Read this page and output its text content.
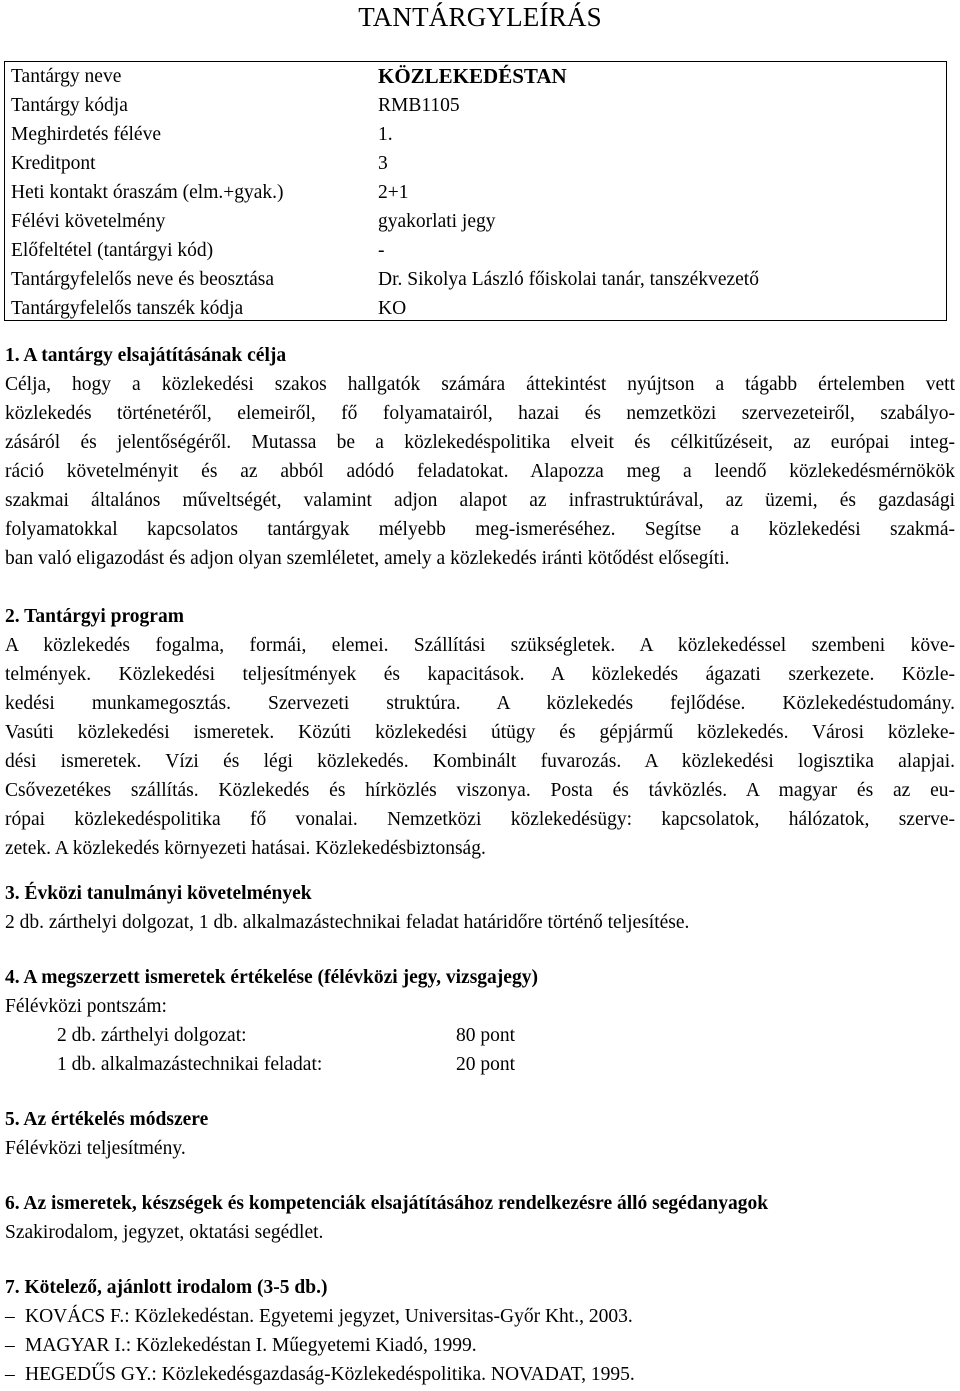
TANTÁRGYLEÍRÁS
Tantárgy neve	KÖZLEKEDÉSTAN
Tantárgy kódja	RMB1105
Meghirdetés féléve	1.
Kreditpont	3
Heti kontakt óraszám (elm.+gyak.)	2+1
Félévi követelmény	gyakorlati jegy
Előfeltétel (tantárgyi kód)	-
Tantárgyfelelős neve és beosztása	Dr. Sikolya László főiskolai tanár, tanszékvezető
Tantárgyfelelős tanszék kódja	KO
1. A tantárgy elsajátításának célja
Célja, hogy a közlekedési szakos hallgatók számára áttekintést nyújtson a tágabb értelemben vett
közlekedés történetéről, elemeiről, fő folyamatairól, hazai és nemzetközi szervezeteiről, szabályo-
zásáról és jelentőségéről. Mutassa be a közlekedéspolitika elveit és célkitűzéseit, az európai integ-
ráció követelményit és az abból adódó feladatokat. Alapozza meg a leendő közlekedésmérnökök
szakmai általános műveltségét, valamint adjon alapot az infrastruktúrával, az üzemi, és gazdasági
folyamatokkal kapcsolatos tantárgyak mélyebb meg-ismeréséhez. Segítse a közlekedési szakmá-
ban való eligazodást és adjon olyan szemléletet, amely a közlekedés iránti kötődést elősegíti.
2. Tantárgyi program
A közlekedés fogalma, formái, elemei. Szállítási szükségletek. A közlekedéssel szembeni köve-
telmények. Közlekedési teljesítmények és kapacitások. A közlekedés ágazati szerkezete. Közle-
kedési munkamegosztás. Szervezeti struktúra. A közlekedés fejlődése. Közlekedéstudomány.
Vasúti közlekedési ismeretek. Közúti közlekedési útügy és gépjármű közlekedés. Városi közleke-
dési ismeretek. Vízi és légi közlekedés. Kombinált fuvarozás. A közlekedési logisztika alapjai.
Csővezetékes szállítás. Közlekedés és hírközlés viszonya. Posta és távközlés. A magyar és az eu-
rópai közlekedéspolitika fő vonalai. Nemzetközi közlekedésügy: kapcsolatok, hálózatok, szerve-
zetek. A közlekedés környezeti hatásai. Közlekedésbiztonság.
3. Évközi tanulmányi követelmények
2 db. zárthelyi dolgozat, 1 db. alkalmazástechnikai feladat határidőre történő teljesítése.
4. A megszerzett ismeretek értékelése (félévközi jegy, vizsgajegy)
Félévközi pontszám:
2 db. zárthelyi dolgozat:	80 pont
1 db. alkalmazástechnikai feladat:	20 pont
5. Az értékelés módszere
Félévközi teljesítmény.
6. Az ismeretek, készségek és kompetenciák elsajátításához rendelkezésre álló segédanyagok
Szakirodalom, jegyzet, oktatási segédlet.
7. Kötelező, ajánlott irodalom (3-5 db.)
– KOVÁCS F.: Közlekedéstan. Egyetemi jegyzet, Universitas-Győr Kht., 2003.
– MAGYAR I.: Közlekedéstan I. Műegyetemi Kiadó, 1999.
– HEGEDŰS GY.: Közlekedésgazdaság-Közlekedéspolitika. NOVADAT, 1995.
